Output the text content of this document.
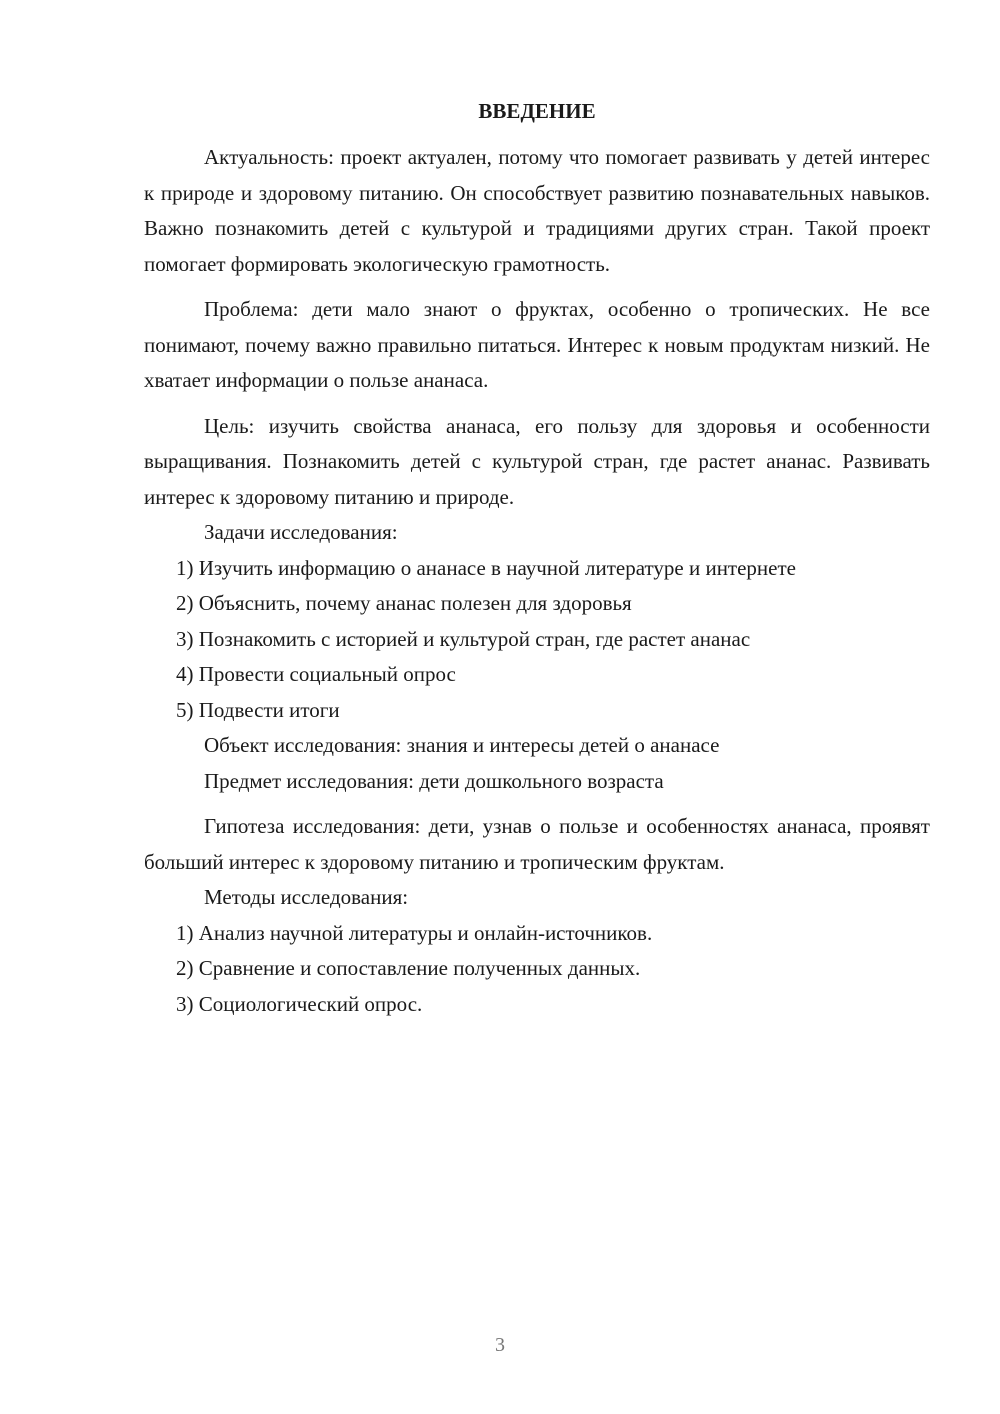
ВВЕДЕНИЕ

Актуальность: проект актуален, потому что помогает развивать у детей интерес к природе и здоровому питанию. Он способствует развитию познавательных навыков. Важно познакомить детей с культурой и традициями других стран. Такой проект помогает формировать экологическую грамотность.

Проблема: дети мало знают о фруктах, особенно о тропических. Не все понимают, почему важно правильно питаться. Интерес к новым продуктам низкий. Не хватает информации о пользе ананаса.

Цель: изучить свойства ананаса, его пользу для здоровья и особенности выращивания. Познакомить детей с культурой стран, где растет ананас. Развивать интерес к здоровому питанию и природе.

Задачи исследования:

1) Изучить информацию о ананасе в научной литературе и интернете

2) Объяснить, почему ананас полезен для здоровья

3) Познакомить с историей и культурой стран, где растет ананас

4) Провести социальный опрос

5) Подвести итоги

Объект исследования: знания и интересы детей о ананасе

Предмет исследования: дети дошкольного возраста

Гипотеза исследования: дети, узнав о пользе и особенностях ананаса, проявят больший интерес к здоровому питанию и тропическим фруктам.

Методы исследования:

1) Анализ научной литературы и онлайн-источников.

2) Сравнение и сопоставление полученных данных.

3) Социологический опрос.

3
